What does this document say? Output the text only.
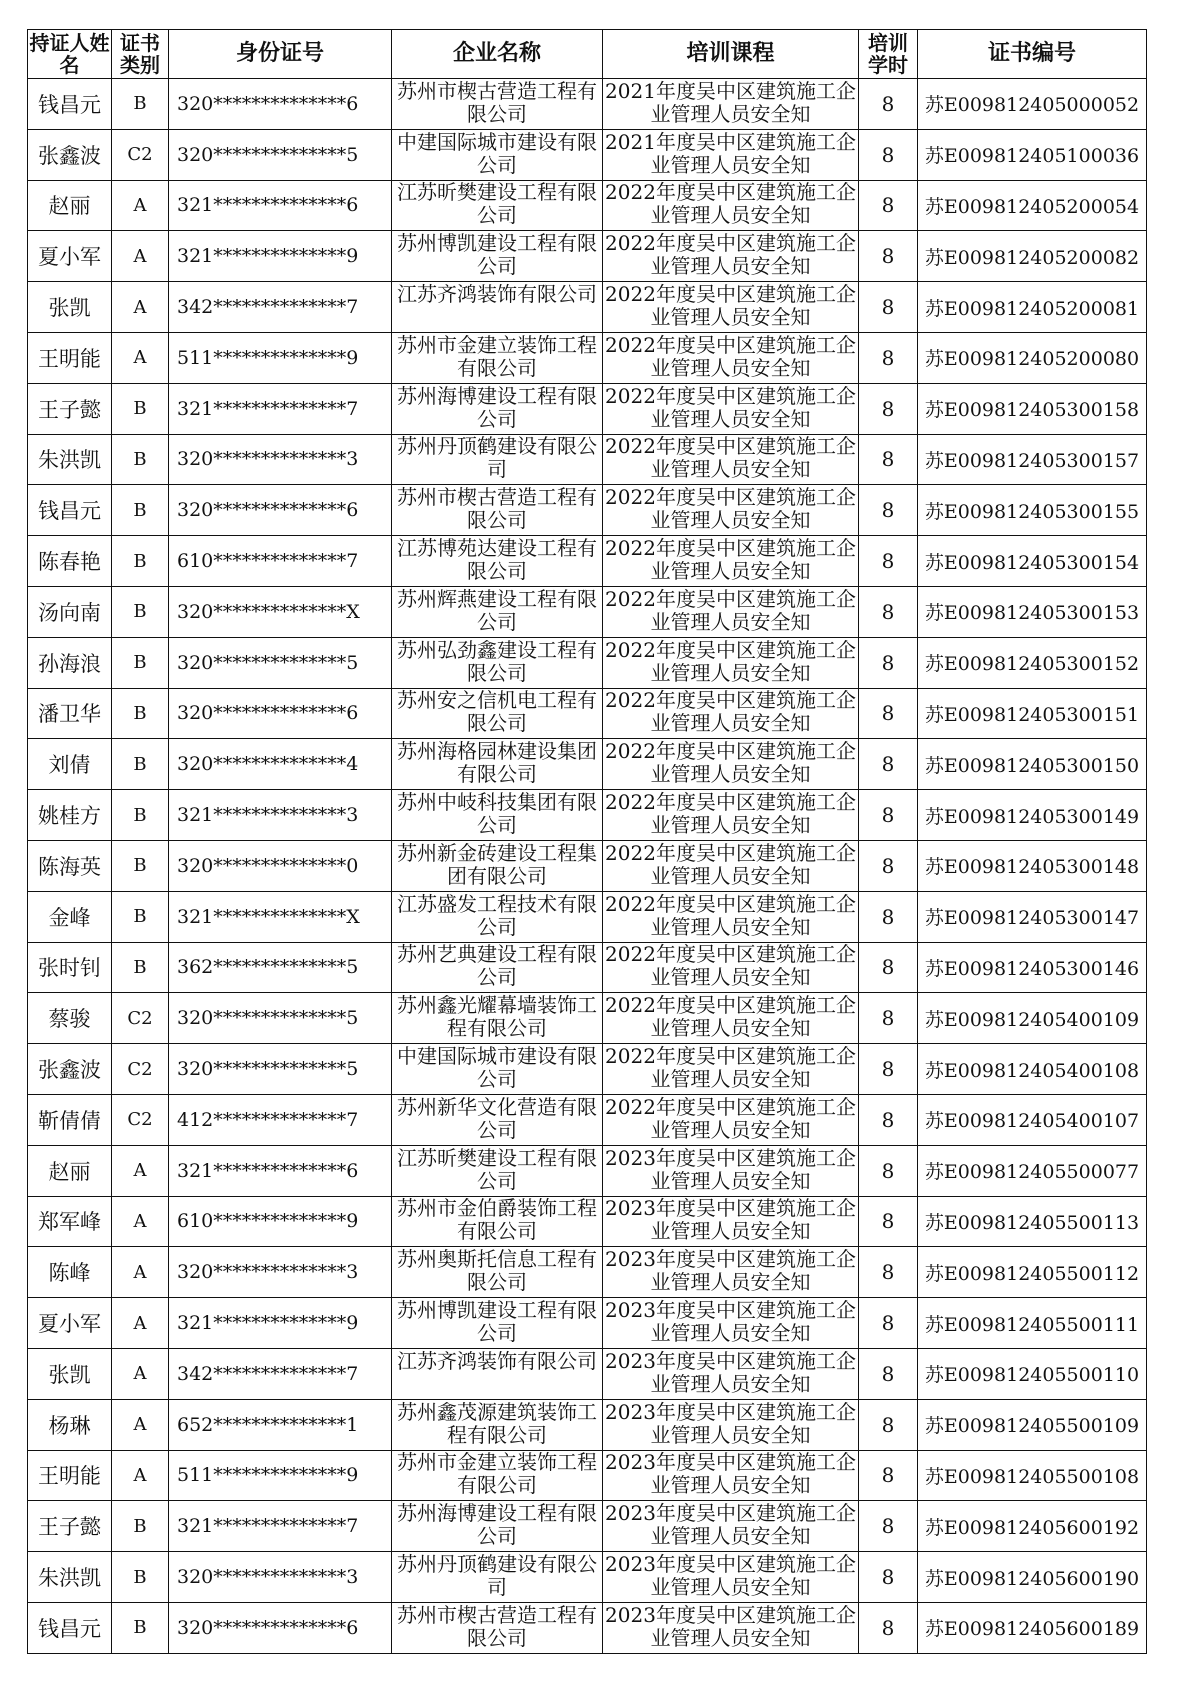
持证人姓名	证书类别	身份证号	企业名称	培训课程	培训学时	证书编号
钱昌元	B	320**************6	苏州市楔古营造工程有限公司	2021年度吴中区建筑施工企业管理人员安全知	8	苏E009812405000052
张鑫波	C2	320**************5	中建国际城市建设有限公司	2021年度吴中区建筑施工企业管理人员安全知	8	苏E009812405100036
赵丽	A	321**************6	江苏昕樊建设工程有限公司	2022年度吴中区建筑施工企业管理人员安全知	8	苏E009812405200054
夏小军	A	321**************9	苏州博凯建设工程有限公司	2022年度吴中区建筑施工企业管理人员安全知	8	苏E009812405200082
张凯	A	342**************7	江苏齐鸿装饰有限公司	2022年度吴中区建筑施工企业管理人员安全知	8	苏E009812405200081
王明能	A	511**************9	苏州市金建立装饰工程有限公司	2022年度吴中区建筑施工企业管理人员安全知	8	苏E009812405200080
王子懿	B	321**************7	苏州海博建设工程有限公司	2022年度吴中区建筑施工企业管理人员安全知	8	苏E009812405300158
朱洪凯	B	320**************3	苏州丹顶鹤建设有限公司	2022年度吴中区建筑施工企业管理人员安全知	8	苏E009812405300157
钱昌元	B	320**************6	苏州市楔古营造工程有限公司	2022年度吴中区建筑施工企业管理人员安全知	8	苏E009812405300155
陈春艳	B	610**************7	江苏博苑达建设工程有限公司	2022年度吴中区建筑施工企业管理人员安全知	8	苏E009812405300154
汤向南	B	320**************X	苏州辉燕建设工程有限公司	2022年度吴中区建筑施工企业管理人员安全知	8	苏E009812405300153
孙海浪	B	320**************5	苏州弘劲鑫建设工程有限公司	2022年度吴中区建筑施工企业管理人员安全知	8	苏E009812405300152
潘卫华	B	320**************6	苏州安之信机电工程有限公司	2022年度吴中区建筑施工企业管理人员安全知	8	苏E009812405300151
刘倩	B	320**************4	苏州海格园林建设集团有限公司	2022年度吴中区建筑施工企业管理人员安全知	8	苏E009812405300150
姚桂方	B	321**************3	苏州中岐科技集团有限公司	2022年度吴中区建筑施工企业管理人员安全知	8	苏E009812405300149
陈海英	B	320**************0	苏州新金砖建设工程集团有限公司	2022年度吴中区建筑施工企业管理人员安全知	8	苏E009812405300148
金峰	B	321**************X	江苏盛发工程技术有限公司	2022年度吴中区建筑施工企业管理人员安全知	8	苏E009812405300147
张时钊	B	362**************5	苏州艺典建设工程有限公司	2022年度吴中区建筑施工企业管理人员安全知	8	苏E009812405300146
蔡骏	C2	320**************5	苏州鑫光耀幕墙装饰工程有限公司	2022年度吴中区建筑施工企业管理人员安全知	8	苏E009812405400109
张鑫波	C2	320**************5	中建国际城市建设有限公司	2022年度吴中区建筑施工企业管理人员安全知	8	苏E009812405400108
靳倩倩	C2	412**************7	苏州新华文化营造有限公司	2022年度吴中区建筑施工企业管理人员安全知	8	苏E009812405400107
赵丽	A	321**************6	江苏昕樊建设工程有限公司	2023年度吴中区建筑施工企业管理人员安全知	8	苏E009812405500077
郑军峰	A	610**************9	苏州市金伯爵装饰工程有限公司	2023年度吴中区建筑施工企业管理人员安全知	8	苏E009812405500113
陈峰	A	320**************3	苏州奥斯托信息工程有限公司	2023年度吴中区建筑施工企业管理人员安全知	8	苏E009812405500112
夏小军	A	321**************9	苏州博凯建设工程有限公司	2023年度吴中区建筑施工企业管理人员安全知	8	苏E009812405500111
张凯	A	342**************7	江苏齐鸿装饰有限公司	2023年度吴中区建筑施工企业管理人员安全知	8	苏E009812405500110
杨琳	A	652**************1	苏州鑫茂源建筑装饰工程有限公司	2023年度吴中区建筑施工企业管理人员安全知	8	苏E009812405500109
王明能	A	511**************9	苏州市金建立装饰工程有限公司	2023年度吴中区建筑施工企业管理人员安全知	8	苏E009812405500108
王子懿	B	321**************7	苏州海博建设工程有限公司	2023年度吴中区建筑施工企业管理人员安全知	8	苏E009812405600192
朱洪凯	B	320**************3	苏州丹顶鹤建设有限公司	2023年度吴中区建筑施工企业管理人员安全知	8	苏E009812405600190
钱昌元	B	320**************6	苏州市楔古营造工程有限公司	2023年度吴中区建筑施工企业管理人员安全知	8	苏E009812405600189
